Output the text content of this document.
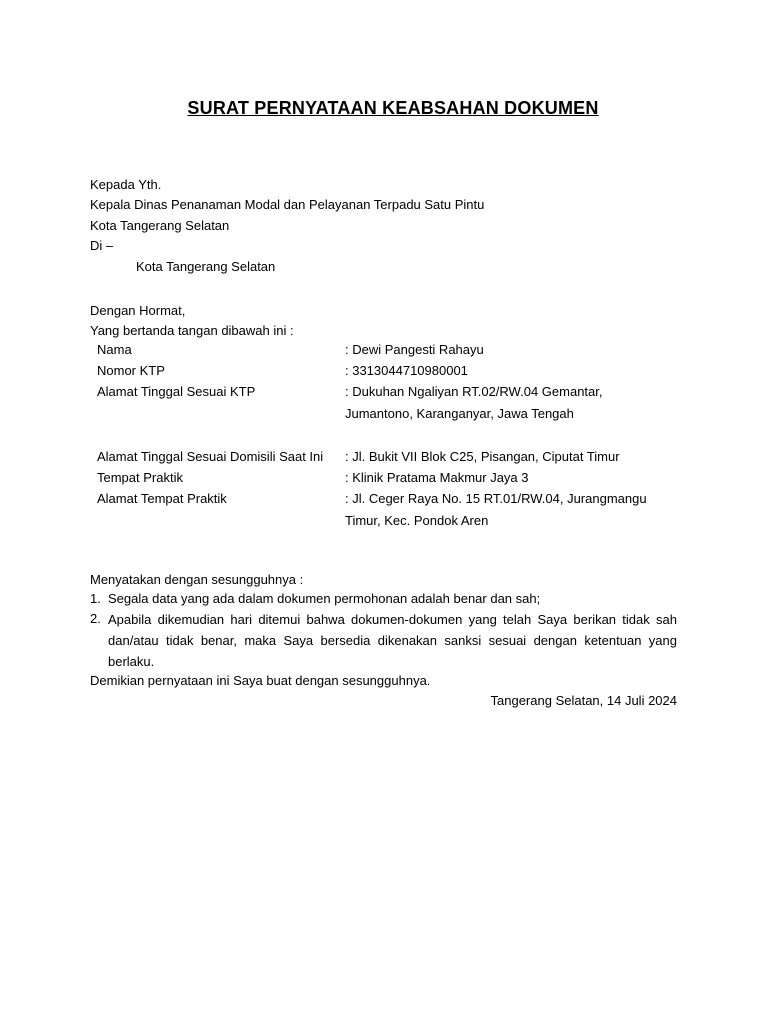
SURAT PERNYATAAN KEABSAHAN DOKUMEN
Kepada Yth.
Kepala Dinas Penanaman Modal dan Pelayanan Terpadu Satu Pintu
Kota Tangerang Selatan
Di –
Kota Tangerang Selatan
Dengan Hormat,
Yang bertanda tangan dibawah ini :
Nama	: Dewi Pangesti Rahayu
Nomor KTP	: 3313044710980001
Alamat Tinggal Sesuai KTP	: Dukuhan Ngaliyan RT.02/RW.04 Gemantar,
Jumantono, Karanganyar, Jawa Tengah
Alamat Tinggal Sesuai Domisili Saat Ini : Jl. Bukit VII Blok C25, Pisangan, Ciputat Timur
Tempat Praktik	: Klinik Pratama Makmur Jaya 3
Alamat Tempat Praktik	: Jl. Ceger Raya No. 15 RT.01/RW.04, Jurangmangu
Timur, Kec. Pondok Aren
Menyatakan dengan sesungguhnya :
1. Segala data yang ada dalam dokumen permohonan adalah benar dan sah;
2. Apabila dikemudian hari ditemui bahwa dokumen-dokumen yang telah Saya berikan tidak sah dan/atau tidak benar, maka Saya bersedia dikenakan sanksi sesuai dengan ketentuan yang berlaku.
Demikian pernyataan ini Saya buat dengan sesungguhnya.
Tangerang Selatan, 14 Juli 2024
